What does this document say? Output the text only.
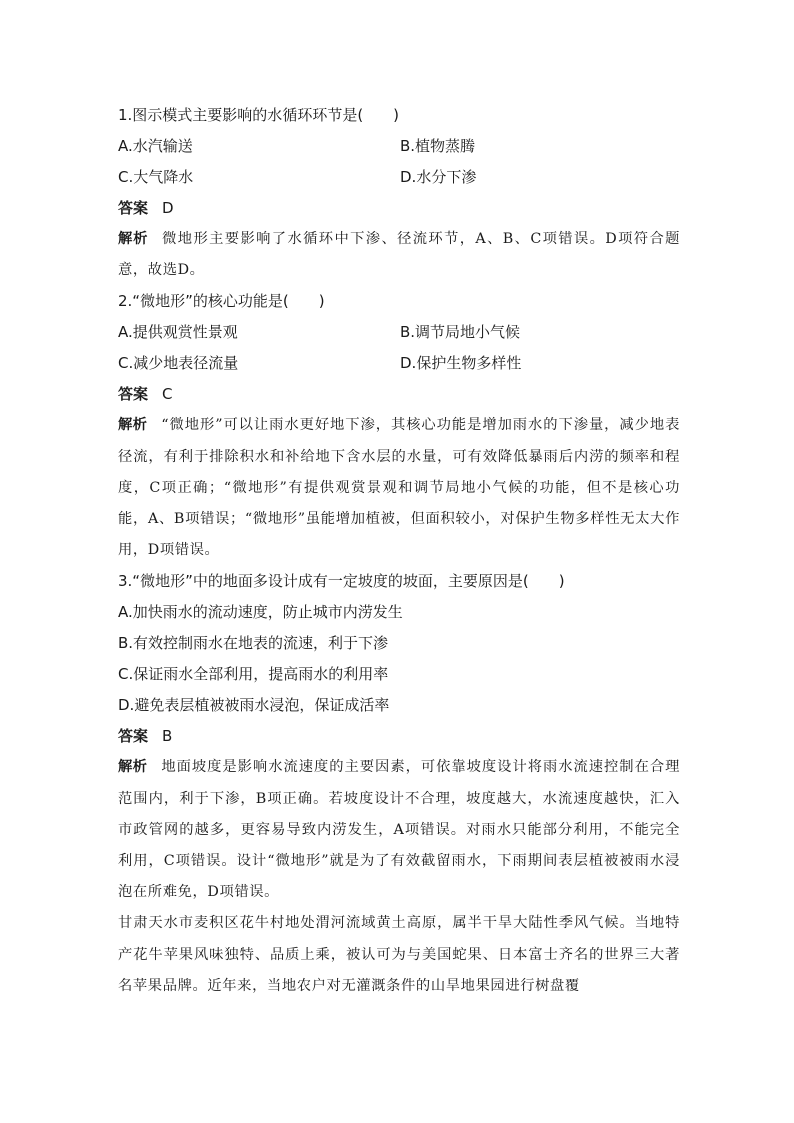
1.图示模式主要影响的水循环环节是(　　)
A.水汽输送	B.植物蒸腾
C.大气降水	D.水分下渗
答案 D
解析 微地形主要影响了水循环中下渗、径流环节，A、B、C项错误。D项符合题意，故选D。
2.“微地形”的核心功能是(　　)
A.提供观赏性景观	B.调节局地小气候
C.减少地表径流量	D.保护生物多样性
答案 C
解析 “微地形”可以让雨水更好地下渗，其核心功能是增加雨水的下渗量，减少地表径流，有利于排除积水和补给地下含水层的水量，可有效降低暴雨后内涝的频率和程度，C项正确；“微地形”有提供观赏景观和调节局地小气候的功能，但不是核心功能，A、B项错误；“微地形”虽能增加植被，但面积较小，对保护生物多样性无太大作用，D项错误。
3.“微地形”中的地面多设计成有一定坡度的坡面，主要原因是(　　)
A.加快雨水的流动速度，防止城市内涝发生
B.有效控制雨水在地表的流速，利于下渗
C.保证雨水全部利用，提高雨水的利用率
D.避免表层植被被雨水浸泡，保证成活率
答案 B
解析 地面坡度是影响水流速度的主要因素，可依靠坡度设计将雨水流速控制在合理范围内，利于下渗，B项正确。若坡度设计不合理，坡度越大，水流速度越快，汇入市政管网的越多，更容易导致内涝发生，A项错误。对雨水只能部分利用，不能完全利用，C项错误。设计“微地形”就是为了有效截留雨水，下雨期间表层植被被雨水浸泡在所难免，D项错误。
甘肃天水市麦积区花牛村地处渭河流域黄土高原，属半干旱大陆性季风气候。当地特产花牛苹果风味独特、品质上乘，被认可为与美国蛇果、日本富士齐名的世界三大著名苹果品牌。近年来，当地农户对无灌溉条件的山旱地果园进行树盘覆
